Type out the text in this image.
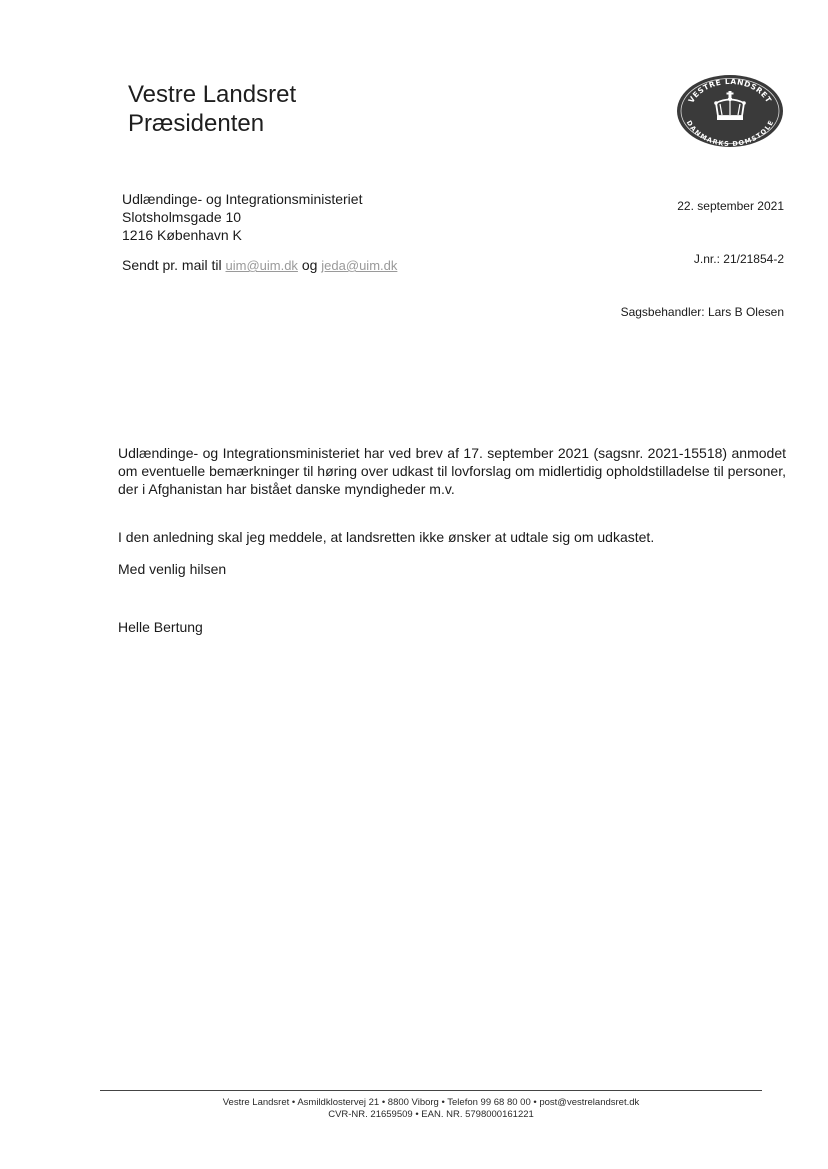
Vestre Landsret
Præsidenten
VESTRE LANDSRET
DANMARKS DOMSTOLE
Udlændinge- og Integrationsministeriet
Slotsholmsgade 10
1216 København K
22. september 2021
J.nr.: 21/21854-2
Sagsbehandler: Lars B Olesen
Sendt pr. mail til uim@uim.dk og jeda@uim.dk
Udlændinge- og Integrationsministeriet har ved brev af 17. september 2021 (sagsnr. 2021-15518) anmodet om eventuelle bemærkninger til høring over udkast til lovforslag om midlertidig opholdstilladelse til personer, der i Afghanistan har bistået danske myndigheder m.v.
I den anledning skal jeg meddele, at landsretten ikke ønsker at udtale sig om udkastet.
Med venlig hilsen
Helle Bertung
Vestre Landsret • Asmildklostervej 21 • 8800 Viborg • Telefon 99 68 80 00 • post@vestrelandsret.dk
CVR-NR. 21659509 • EAN. NR. 5798000161221
